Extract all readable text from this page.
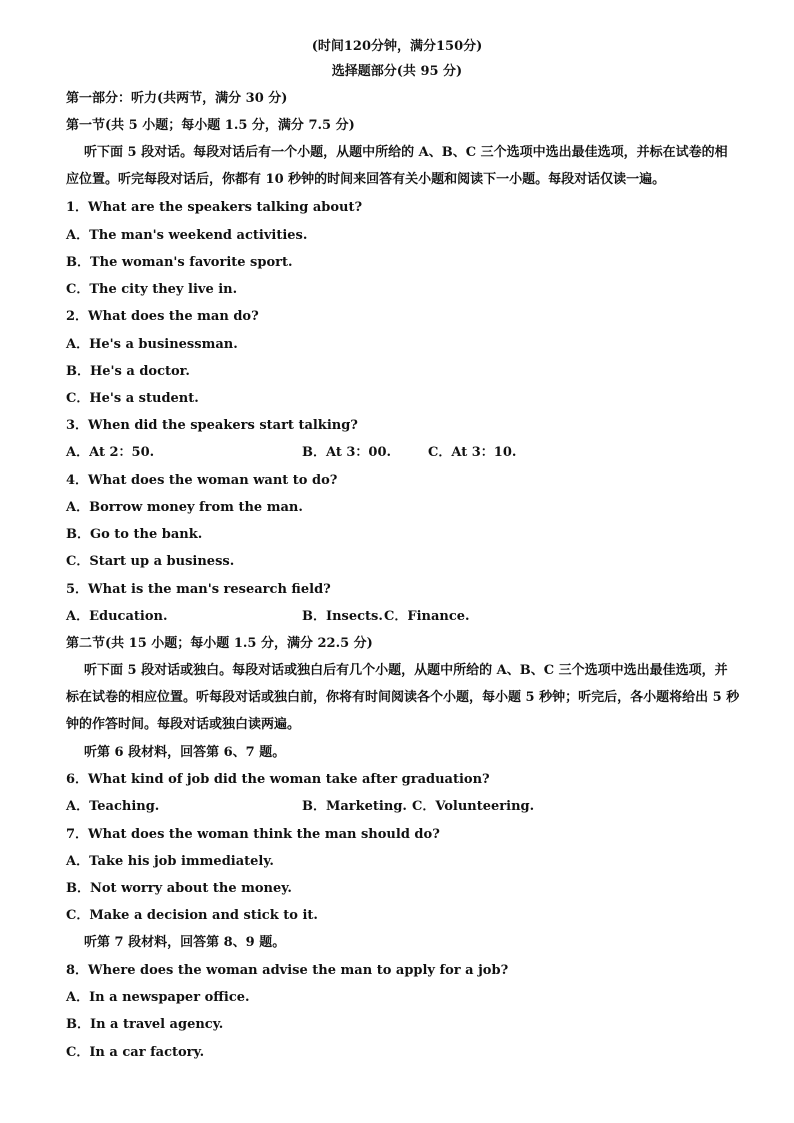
(时间120分钟，满分150分)
选择题部分(共 95 分)
第一部分：听力(共两节，满分 30 分)
第一节(共 5 小题；每小题 1.5 分，满分 7.5 分)
听下面 5 段对话。每段对话后有一个小题，从题中所给的 A、B、C 三个选项中选出最佳选项，并标在试卷的相
应位置。听完每段对话后，你都有 10 秒钟的时间来回答有关小题和阅读下一小题。每段对话仅读一遍。
1．What are the speakers talking about?
A．The man's weekend activities.
B．The woman's favorite sport.
C．The city they live in.
2．What does the man do?
A．He's a businessman.
B．He's a doctor.
C．He's a student.
3．When did the speakers start talking?
A．At 2：50.	B．At 3：00.	C．At 3：10.
4．What does the woman want to do?
A．Borrow money from the man.
B．Go to the bank.
C．Start up a business.
5．What is the man's research field?
A．Education.	B．Insects. C．Finance.
第二节(共 15 小题；每小题 1.5 分，满分 22.5 分)
听下面 5 段对话或独白。每段对话或独白后有几个小题，从题中所给的 A、B、C 三个选项中选出最佳选项，并
标在试卷的相应位置。听每段对话或独白前，你将有时间阅读各个小题，每小题 5 秒钟；听完后，各小题将给出 5 秒
钟的作答时间。每段对话或独白读两遍。
听第 6 段材料，回答第 6、7 题。
6．What kind of job did the woman take after graduation?
A．Teaching.	B．Marketing. C．Volunteering.
7．What does the woman think the man should do?
A．Take his job immediately.
B．Not worry about the money.
C．Make a decision and stick to it.
听第 7 段材料，回答第 8、9 题。
8．Where does the woman advise the man to apply for a job?
A．In a newspaper office.
B．In a travel agency.
C．In a car factory.
